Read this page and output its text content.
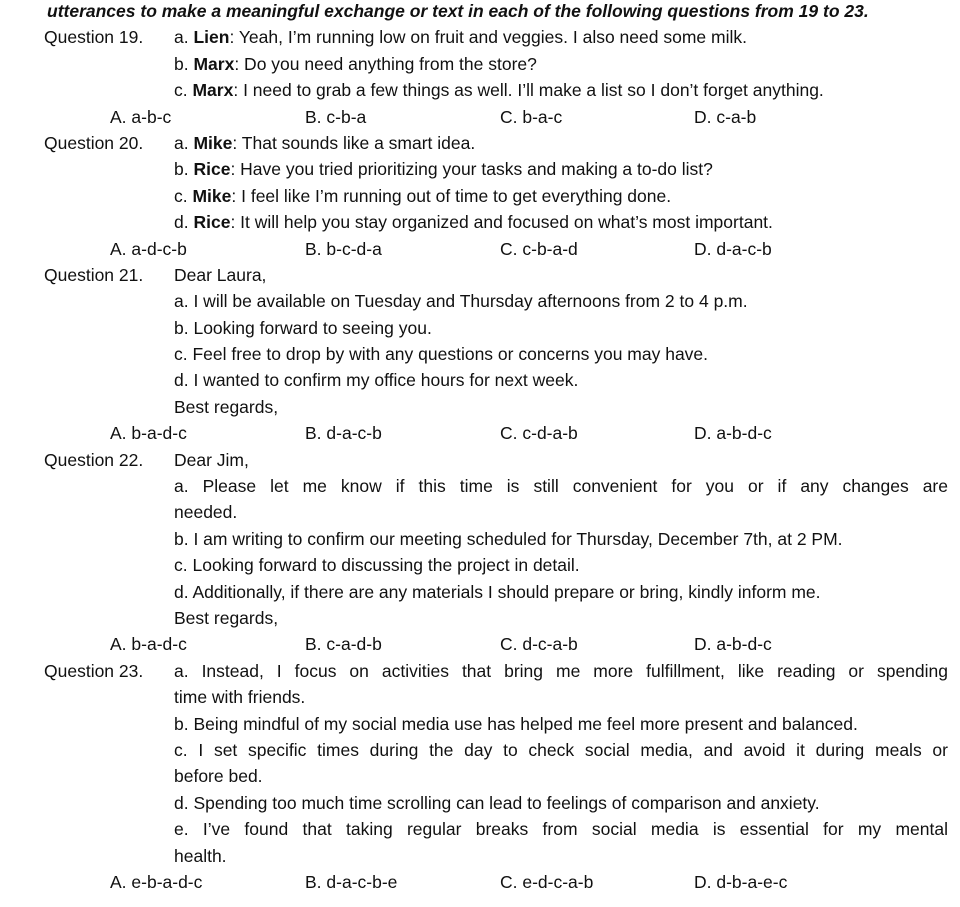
utterances to make a meaningful exchange or text in each of the following questions from 19 to 23.
Question 19. a. Lien: Yeah, I’m running low on fruit and veggies. I also need some milk.
b. Marx: Do you need anything from the store?
c. Marx: I need to grab a few things as well. I’ll make a list so I don’t forget anything.
A. a-b-c	B. c-b-a	C. b-a-c	D. c-a-b
Question 20. a. Mike: That sounds like a smart idea.
b. Rice: Have you tried prioritizing your tasks and making a to-do list?
c. Mike: I feel like I’m running out of time to get everything done.
d. Rice: It will help you stay organized and focused on what’s most important.
A. a-d-c-b	B. b-c-d-a	C. c-b-a-d	D. d-a-c-b
Question 21. Dear Laura,
a. I will be available on Tuesday and Thursday afternoons from 2 to 4 p.m.
b. Looking forward to seeing you.
c. Feel free to drop by with any questions or concerns you may have.
d. I wanted to confirm my office hours for next week.
Best regards,
A. b-a-d-c	B. d-a-c-b	C. c-d-a-b	D. a-b-d-c
Question 22. Dear Jim,
a. Please let me know if this time is still convenient for you or if any changes are
needed.
b. I am writing to confirm our meeting scheduled for Thursday, December 7th, at 2 PM.
c. Looking forward to discussing the project in detail.
d. Additionally, if there are any materials I should prepare or bring, kindly inform me.
Best regards,
A. b-a-d-c	B. c-a-d-b	C. d-c-a-b	D. a-b-d-c
Question 23. a. Instead, I focus on activities that bring me more fulfillment, like reading or spending
time with friends.
b. Being mindful of my social media use has helped me feel more present and balanced.
c. I set specific times during the day to check social media, and avoid it during meals or
before bed.
d. Spending too much time scrolling can lead to feelings of comparison and anxiety.
e. I’ve found that taking regular breaks from social media is essential for my mental
health.
A. e-b-a-d-c	B. d-a-c-b-e	C. e-d-c-a-b	D. d-b-a-e-c
